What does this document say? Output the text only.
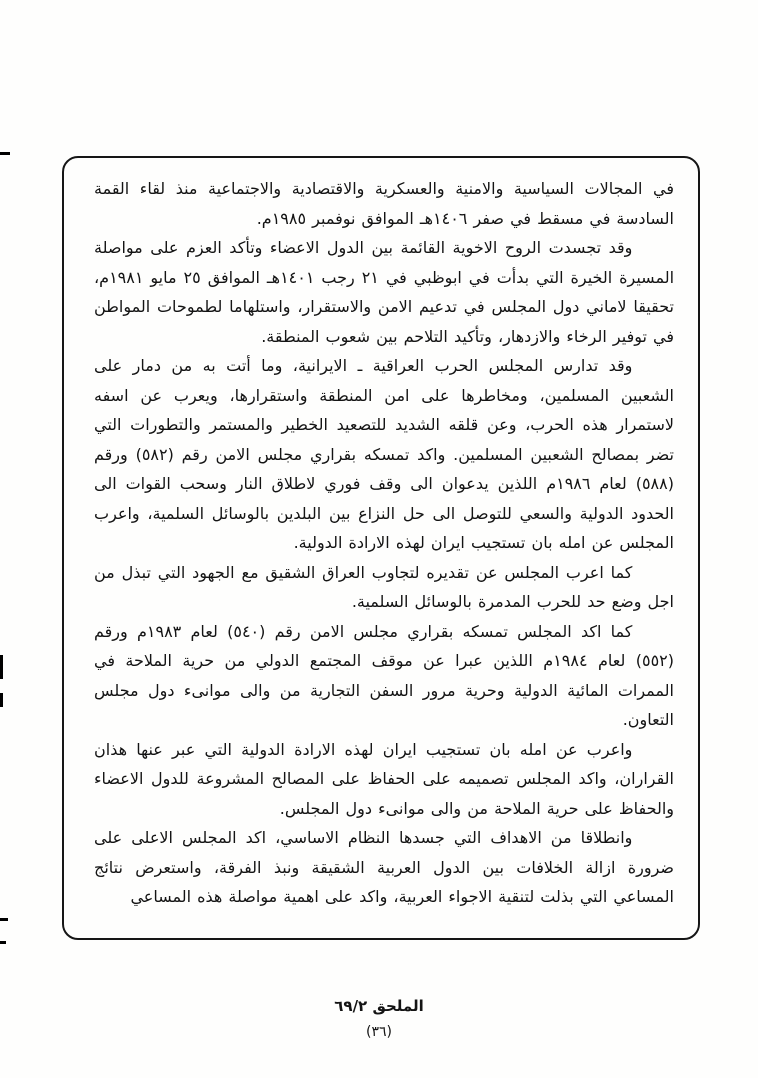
في المجالات السياسية والامنية والعسكرية والاقتصادية والاجتماعية منذ لقاء القمة السادسة في مسقط في صفر ١٤٠٦هـ الموافق نوفمبر ١٩٨٥م.

وقد تجسدت الروح الاخوية القائمة بين الدول الاعضاء وتأكد العزم على مواصلة المسيرة الخيرة التي بدأت في ابوظبي في ٢١ رجب ١٤٠١هـ الموافق ٢٥ مايو ١٩٨١م، تحقيقا لاماني دول المجلس في تدعيم الامن والاستقرار، واستلهاما لطموحات المواطن في توفير الرخاء والازدهار، وتأكيد التلاحم بين شعوب المنطقة.

وقد تدارس المجلس الحرب العراقية ـ الايرانية، وما أتت به من دمار على الشعبين المسلمين، ومخاطرها على امن المنطقة واستقرارها، ويعرب عن اسفه لاستمرار هذه الحرب، وعن قلقه الشديد للتصعيد الخطير والمستمر والتطورات التي تضر بمصالح الشعبين المسلمين. واكد تمسكه بقراري مجلس الامن رقم (٥٨٢) ورقم (٥٨٨) لعام ١٩٨٦م اللذين يدعوان الى وقف فوري لاطلاق النار وسحب القوات الى الحدود الدولية والسعي للتوصل الى حل النزاع بين البلدين بالوسائل السلمية، واعرب المجلس عن امله بان تستجيب ايران لهذه الارادة الدولية.

كما اعرب المجلس عن تقديره لتجاوب العراق الشقيق مع الجهود التي تبذل من اجل وضع حد للحرب المدمرة بالوسائل السلمية.

كما اكد المجلس تمسكه بقراري مجلس الامن رقم (٥٤٠) لعام ١٩٨٣م ورقم (٥٥٢) لعام ١٩٨٤م اللذين عبرا عن موقف المجتمع الدولي من حرية الملاحة في الممرات المائية الدولية وحرية مرور السفن التجارية من والى موانىء دول مجلس التعاون.

واعرب عن امله بان تستجيب ايران لهذه الارادة الدولية التي عبر عنها هذان القراران، واكد المجلس تصميمه على الحفاظ على المصالح المشروعة للدول الاعضاء والحفاظ على حرية الملاحة من والى موانىء دول المجلس.

وانطلاقا من الاهداف التي جسدها النظام الاساسي، اكد المجلس الاعلى على ضرورة ازالة الخلافات بين الدول العربية الشقيقة ونبذ الفرقة، واستعرض نتائج المساعي التي بذلت لتنقية الاجواء العربية، واكد على اهمية مواصلة هذه المساعي

الملحق ٦٩/٢
(٣٦)
